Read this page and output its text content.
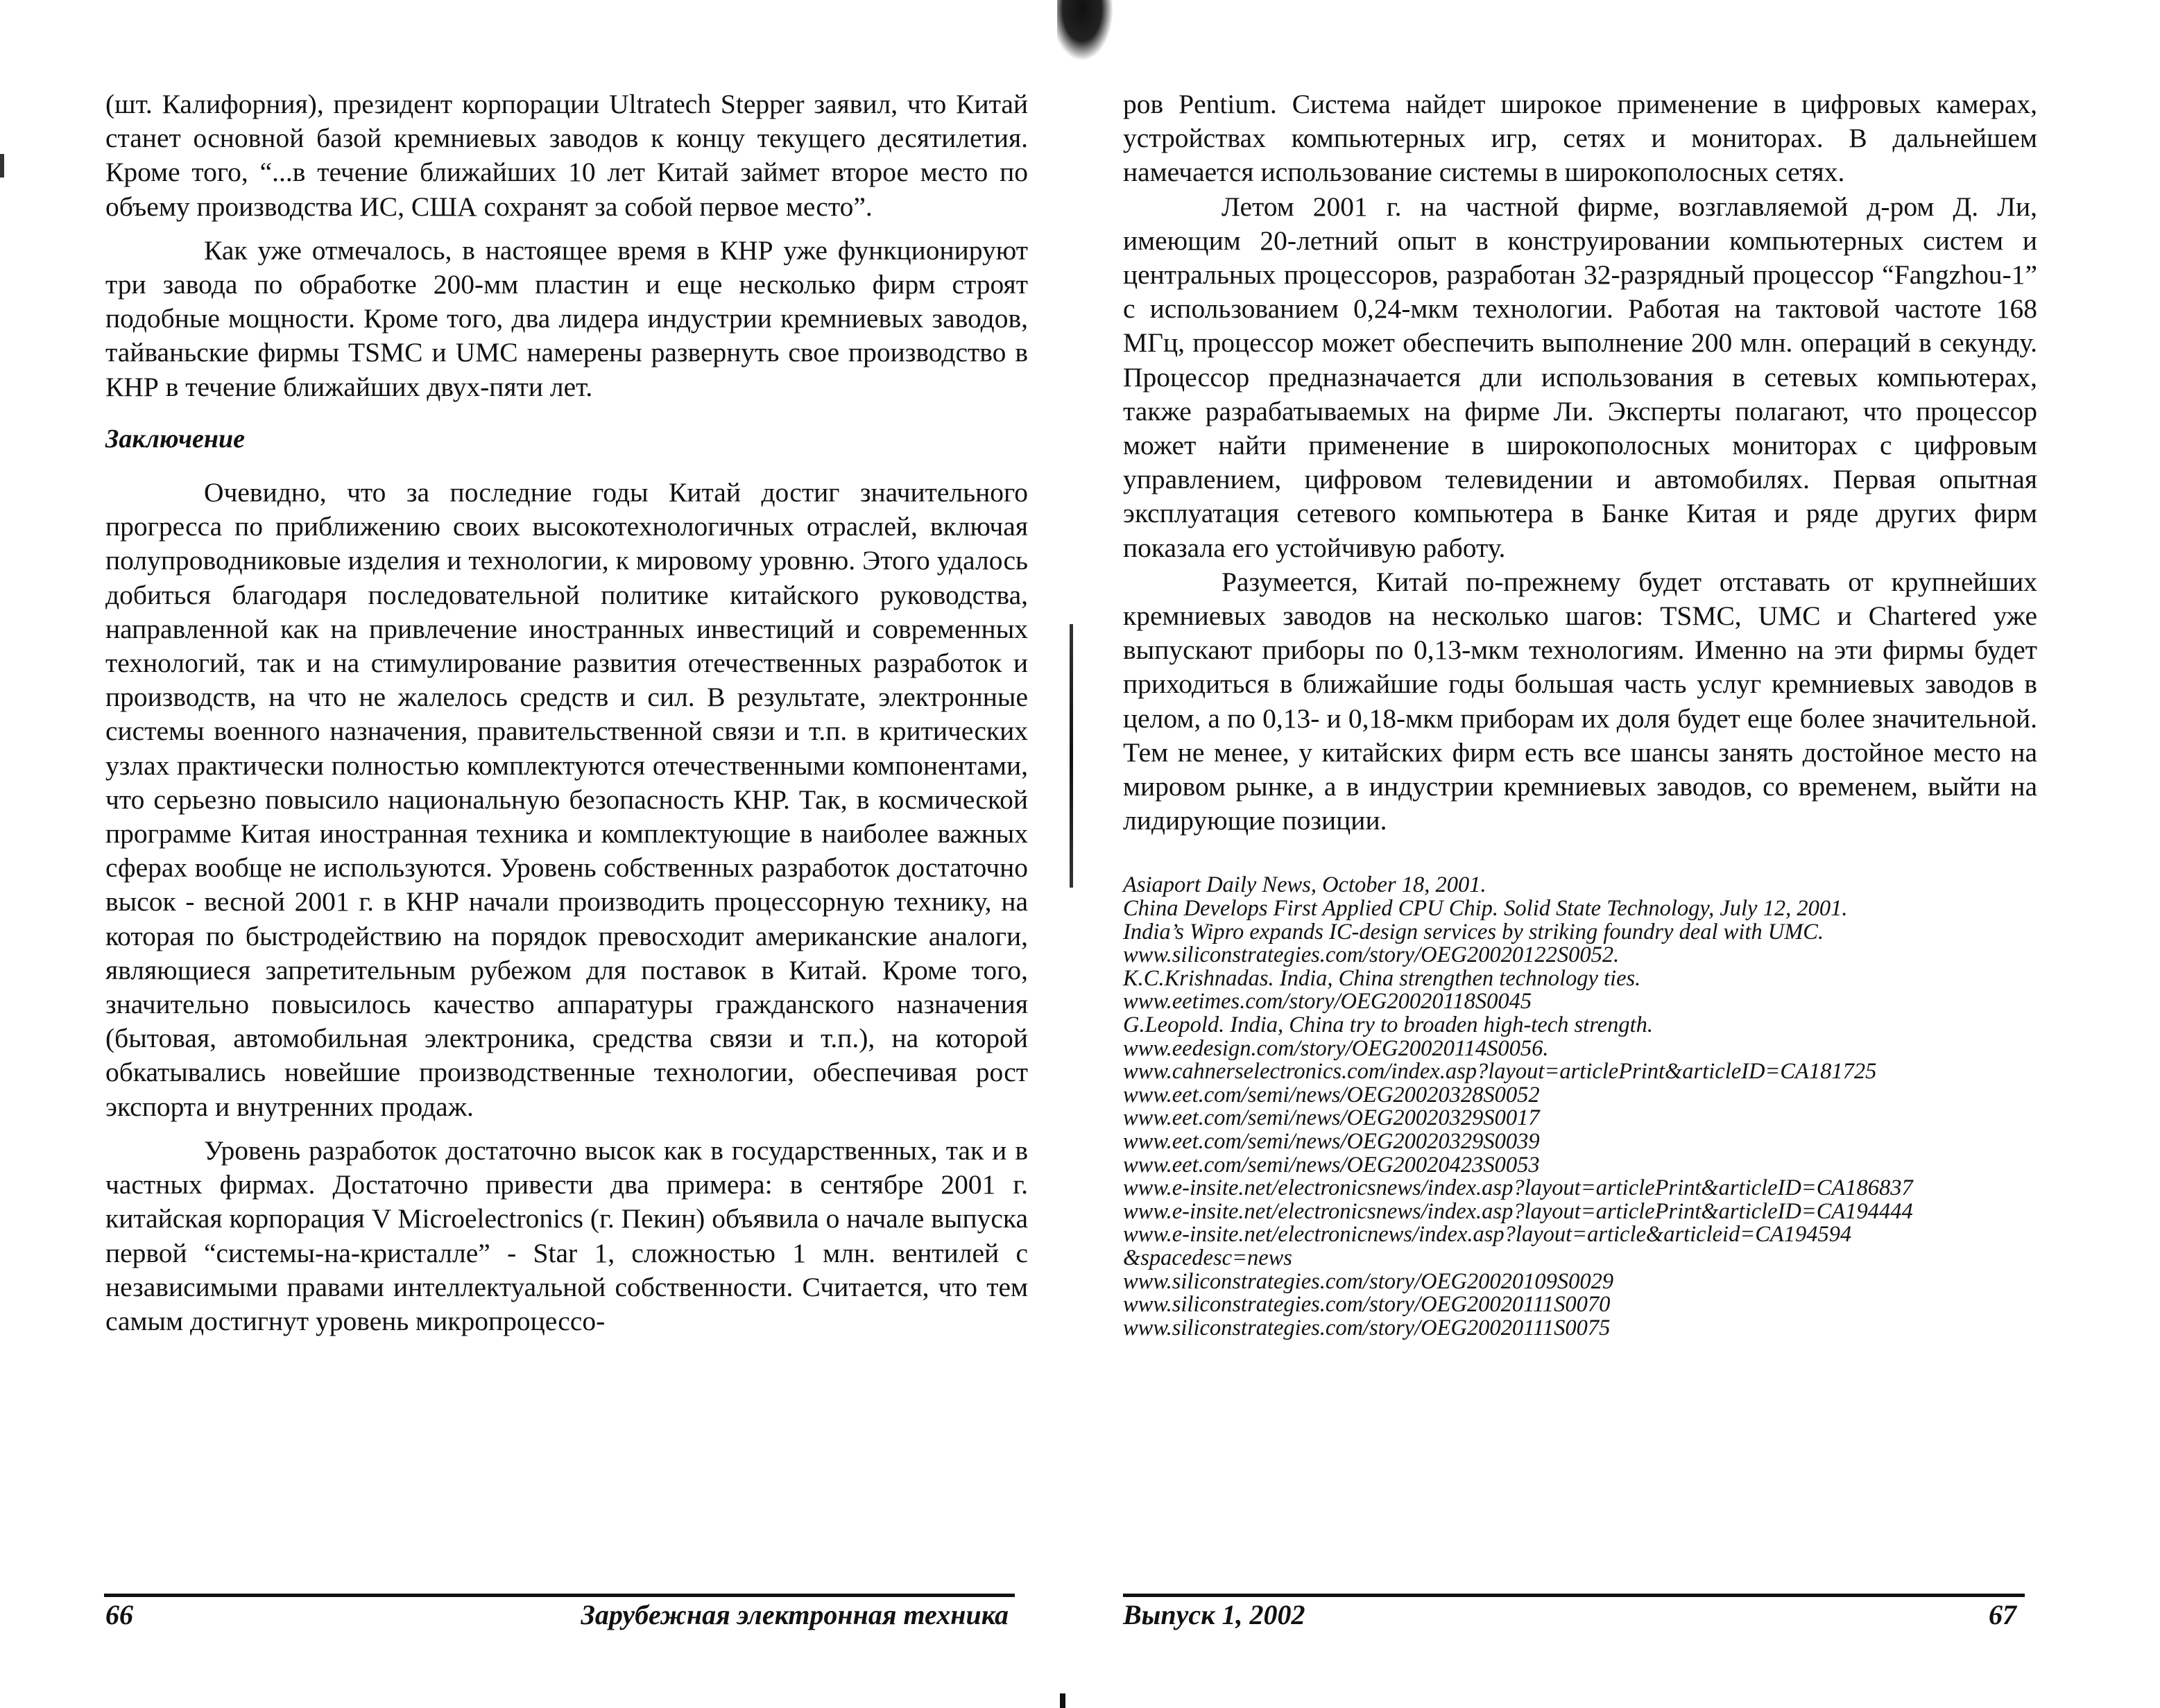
(шт. Калифорния), президент корпорации Ultratech Stepper заявил, что Китай станет основной базой кремниевых заводов к концу текущего десятилетия. Кроме того, “...в течение ближайших 10 лет Китай займет второе место по объему производства ИС, США сохранят за собой первое место”.

Как уже отмечалось, в настоящее время в КНР уже функционируют три завода по обработке 200-мм пластин и еще несколько фирм строят подобные мощности. Кроме того, два лидера индустрии кремниевых заводов, тайваньские фирмы TSMC и UMC намерены развернуть свое производство в КНР в течение ближайших двух-пяти лет.

Заключение

Очевидно, что за последние годы Китай достиг значительного прогресса по приближению своих высокотехнологичных отраслей, включая полупроводниковые изделия и технологии, к мировому уровню. Этого удалось добиться благодаря последовательной политике китайского руководства, направленной как на привлечение иностранных инвестиций и современных технологий, так и на стимулирование развития отечественных разработок и производств, на что не жалелось средств и сил. В результате, электронные системы военного назначения, правительственной связи и т.п. в критических узлах практически полностью комплектуются отечественными компонентами, что серьезно повысило национальную безопасность КНР. Так, в космической программе Китая иностранная техника и комплектующие в наиболее важных сферах вообще не используются. Уровень собственных разработок достаточно высок - весной 2001 г. в КНР начали производить процессорную технику, на которая по быстродействию на порядок превосходит американские аналоги, являющиеся запретительным рубежом для поставок в Китай. Кроме того, значительно повысилось качество аппаратуры гражданского назначения (бытовая, автомобильная электроника, средства связи и т.п.), на которой обкатывались новейшие производственные технологии, обеспечивая рост экспорта и внутренних продаж.

Уровень разработок достаточно высок как в государственных, так и в частных фирмах. Достаточно привести два примера: в сентябре 2001 г. китайская корпорация V Microelectronics (г. Пекин) объявила о начале выпуска первой “системы-на-кристалле” - Star 1, сложностью 1 млн. вентилей с независимыми правами интеллектуальной собственности. Считается, что тем самым достигнут уровень микропроцессо-

66	Зарубежная электронная техника

ров Pentium. Система найдет широкое применение в цифровых камерах, устройствах компьютерных игр, сетях и мониторах. В дальнейшем намечается использование системы в широкополосных сетях.

Летом 2001 г. на частной фирме, возглавляемой д-ром Д. Ли, имеющим 20-летний опыт в конструировании компьютерных систем и центральных процессоров, разработан 32-разрядный процессор “Fangzhou-1” с использованием 0,24-мкм технологии. Работая на тактовой частоте 168 МГц, процессор может обеспечить выполнение 200 млн. операций в секунду. Процессор предназначается дли использования в сетевых компьютерах, также разрабатываемых на фирме Ли. Эксперты полагают, что процессор может найти применение в широкополосных мониторах с цифровым управлением, цифровом телевидении и автомобилях. Первая опытная эксплуатация сетевого компьютера в Банке Китая и ряде других фирм показала его устойчивую работу.

Разумеется, Китай по-прежнему будет отставать от крупнейших кремниевых заводов на несколько шагов: TSMC, UMC и Chartered уже выпускают приборы по 0,13-мкм технологиям. Именно на эти фирмы будет приходиться в ближайшие годы большая часть услуг кремниевых заводов в целом, а по 0,13- и 0,18-мкм приборам их доля будет еще более значительной. Тем не менее, у китайских фирм есть все шансы занять достойное место на мировом рынке, а в индустрии кремниевых заводов, со временем, выйти на лидирующие позиции.

Asiaport Daily News, October 18, 2001.
China Develops First Applied CPU Chip. Solid State Technology, July 12, 2001.
India’s Wipro expands IC-design services by striking foundry deal with UMC.
www.siliconstrategies.com/story/OEG20020122S0052.
K.C.Krishnadas. India, China strengthen technology ties.
www.eetimes.com/story/OEG20020118S0045
G.Leopold. India, China try to broaden high-tech strength.
www.eedesign.com/story/OEG20020114S0056.
www.cahnerselectronics.com/index.asp?layout=articlePrint&articleID=CA181725
www.eet.com/semi/news/OEG20020328S0052
www.eet.com/semi/news/OEG20020329S0017
www.eet.com/semi/news/OEG20020329S0039
www.eet.com/semi/news/OEG20020423S0053
www.e-insite.net/electronicsnews/index.asp?layout=articlePrint&articleID=CA186837
www.e-insite.net/electronicsnews/index.asp?layout=articlePrint&articleID=CA194444
www.e-insite.net/electronicnews/index.asp?layout=article&articleid=CA194594
&spacedesc=news
www.siliconstrategies.com/story/OEG20020109S0029
www.siliconstrategies.com/story/OEG20020111S0070
www.siliconstrategies.com/story/OEG20020111S0075
Выпуск 1, 2002	67
